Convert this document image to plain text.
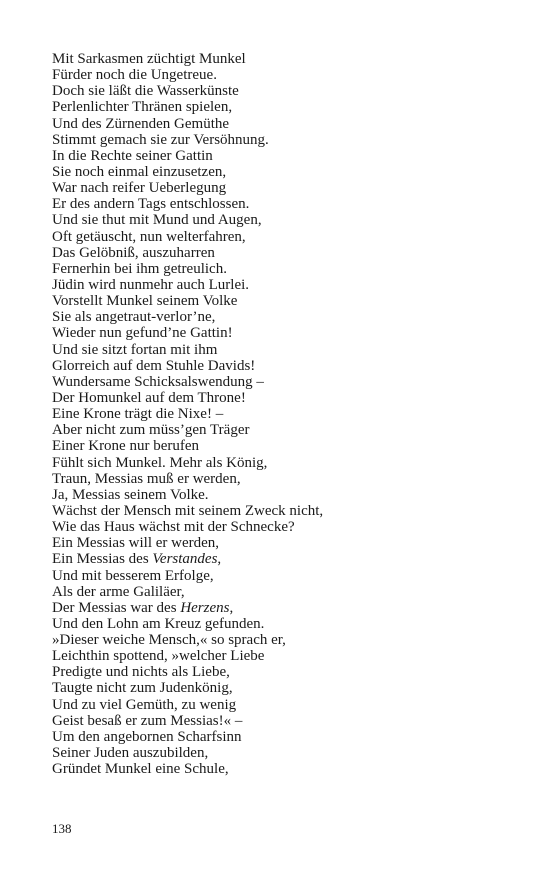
Mit Sarkasmen züchtigt Munkel
Fürder noch die Ungetreue.
Doch sie läßt die Wasserkünste
Perlenlichter Thränen spielen,
Und des Zürnenden Gemüthe
Stimmt gemach sie zur Versöhnung.
In die Rechte seiner Gattin
Sie noch einmal einzusetzen,
War nach reifer Ueberlegung
Er des andern Tags entschlossen.
Und sie thut mit Mund und Augen,
Oft getäuscht, nun welterfahren,
Das Gelöbniß, auszuharren
Fernerhin bei ihm getreulich.
Jüdin wird nunmehr auch Lurlei.
Vorstellt Munkel seinem Volke
Sie als angetraut-verlor’ne,
Wieder nun gefund’ne Gattin!
Und sie sitzt fortan mit ihm
Glorreich auf dem Stuhle Davids!
Wundersame Schicksalswendung –
Der Homunkel auf dem Throne!
Eine Krone trägt die Nixe! –
Aber nicht zum müss’gen Träger
Einer Krone nur berufen
Fühlt sich Munkel. Mehr als König,
Traun, Messias muß er werden,
Ja, Messias seinem Volke.
Wächst der Mensch mit seinem Zweck nicht,
Wie das Haus wächst mit der Schnecke?
Ein Messias will er werden,
Ein Messias des Verstandes,
Und mit besserem Erfolge,
Als der arme Galiläer,
Der Messias war des Herzens,
Und den Lohn am Kreuz gefunden.
»Dieser weiche Mensch,« so sprach er,
Leichthin spottend, »welcher Liebe
Predigte und nichts als Liebe,
Taugte nicht zum Judenkönig,
Und zu viel Gemüth, zu wenig
Geist besaß er zum Messias!« –
Um den angebornen Scharfsinn
Seiner Juden auszubilden,
Gründet Munkel eine Schule,
138
